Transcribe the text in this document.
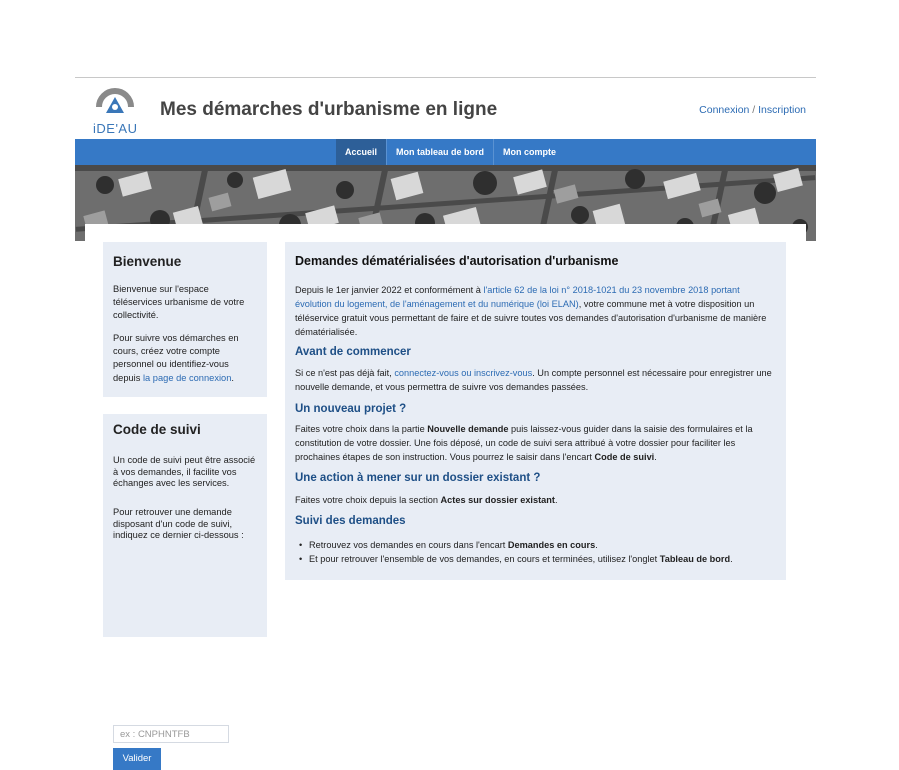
iDE'AU
Mes démarches d'urbanisme en ligne	Connexion / Inscription
Accueil	Mon tableau de bord	Mon compte
Bienvenue

Bienvenue sur l'espace téléservices urbanisme de votre collectivité.

Pour suivre vos démarches en cours, créez votre compte personnel ou identifiez-vous depuis la page de connexion.

Code de suivi

Un code de suivi peut être associé à vos demandes, il facilite vos échanges avec les services.

Pour retrouver une demande disposant d'un code de suivi, indiquez ce dernier ci-dessous :

ex : CNPHNTFB
Valider
Demandes dématérialisées d'autorisation d'urbanisme

Depuis le 1er janvier 2022 et conformément à l'article 62 de la loi n° 2018-1021 du 23 novembre 2018 portant évolution du logement, de l'aménagement et du numérique (loi ELAN), votre commune met à votre disposition un téléservice gratuit vous permettant de faire et de suivre toutes vos demandes d'autorisation d'urbanisme de manière dématérialisée.

Avant de commencer

Si ce n'est pas déjà fait, connectez-vous ou inscrivez-vous. Un compte personnel est nécessaire pour enregistrer une nouvelle demande, et vous permettra de suivre vos demandes passées.

Un nouveau projet ?

Faites votre choix dans la partie Nouvelle demande puis laissez-vous guider dans la saisie des formulaires et la constitution de votre dossier. Une fois déposé, un code de suivi sera attribué à votre dossier pour faciliter les prochaines étapes de son instruction. Vous pourrez le saisir dans l'encart Code de suivi.

Une action à mener sur un dossier existant ?

Faites votre choix depuis la section Actes sur dossier existant.

Suivi des demandes
• Retrouvez vos demandes en cours dans l'encart Demandes en cours.
• Et pour retrouver l'ensemble de vos demandes, en cours et terminées, utilisez l'onglet Tableau de bord.
